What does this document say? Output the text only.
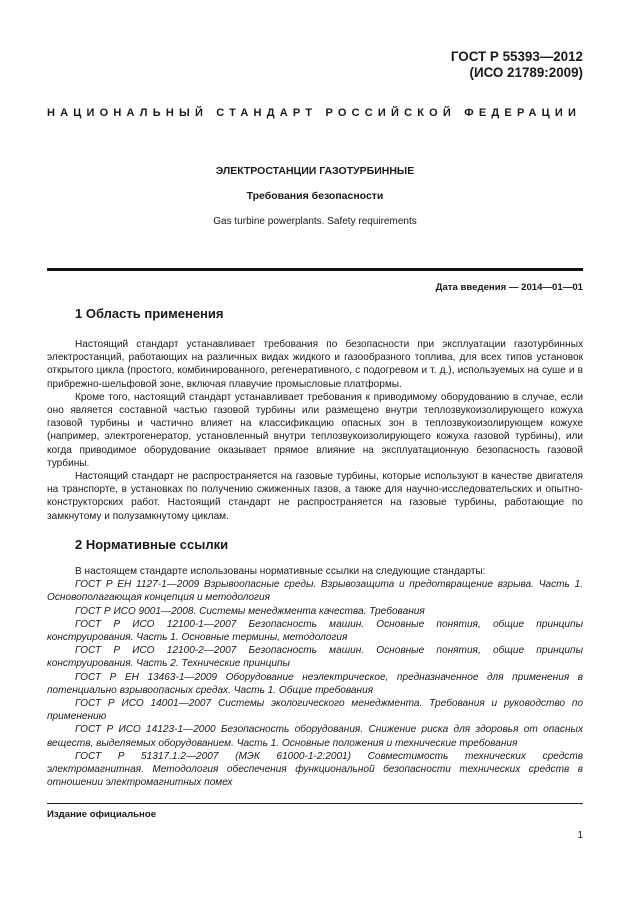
ГОСТ Р 55393—2012
(ИСО 21789:2009)
НАЦИОНАЛЬНЫЙ СТАНДАРТ РОССИЙСКОЙ ФЕДЕРАЦИИ
ЭЛЕКТРОСТАНЦИИ ГАЗОТУРБИННЫЕ
Требования безопасности
Gas turbine powerplants. Safety requirements
Дата введения — 2014—01—01
1 Область применения

Настоящий стандарт устанавливает требования по безопасности при эксплуатации газотурбинных электростанций, работающих на различных видах жидкого и газообразного топлива, для всех типов установок открытого цикла (простого, комбинированного, регенеративного, с подогревом и т. д.), используемых на суше и в прибрежно-шельфовой зоне, включая плавучие промысловые платформы.

Кроме того, настоящий стандарт устанавливает требования к приводимому оборудованию в случае, если оно является составной частью газовой турбины или размещено внутри теплозвукоизолирующего кожуха газовой турбины и частично влияет на классификацию опасных зон в теплозвукоизолирующем кожухе (например, электрогенератор, установленный внутри теплозвукоизолирующего кожуха газовой турбины), или когда приводимое оборудование оказывает прямое влияние на эксплуатационную безопасность газовой турбины.

Настоящий стандарт не распространяется на газовые турбины, которые используют в качестве двигателя на транспорте, в установках по получению сжиженных газов, а также для научно-исследовательских и опытно-конструкторских работ. Настоящий стандарт не распространяется на газовые турбины, работающие по замкнутому и полузамкнутому циклам.

2 Нормативные ссылки

В настоящем стандарте использованы нормативные ссылки на следующие стандарты:

ГОСТ Р ЕН 1127-1—2009 Взрывоопасные среды. Взрывозащита и предотвращение взрыва. Часть 1. Основополагающая концепция и методология

ГОСТ Р ИСО 9001—2008. Системы менеджмента качества. Требования

ГОСТ Р ИСО 12100-1—2007 Безопасность машин. Основные понятия, общие принципы конструирования. Часть 1. Основные термины, методология

ГОСТ Р ИСО 12100-2—2007 Безопасность машин. Основные понятия, общие принципы конструирования. Часть 2. Технические принципы

ГОСТ Р ЕН 13463-1—2009 Оборудование неэлектрическое, предназначенное для применения в потенциально взрывоопасных средах. Часть 1. Общие требования

ГОСТ Р ИСО 14001—2007 Системы экологического менеджмента. Требования и руководство по применению

ГОСТ Р ИСО 14123-1—2000 Безопасность оборудования. Снижение риска для здоровья от опасных веществ, выделяемых оборудованием. Часть 1. Основные положения и технические требования

ГОСТ Р 51317.1.2—2007 (МЭК 61000-1-2:2001) Совместимость технических средств электромагнитная. Методология обеспечения функциональной безопасности технических средств в отношении электромагнитных помех

Издание официальное
1
